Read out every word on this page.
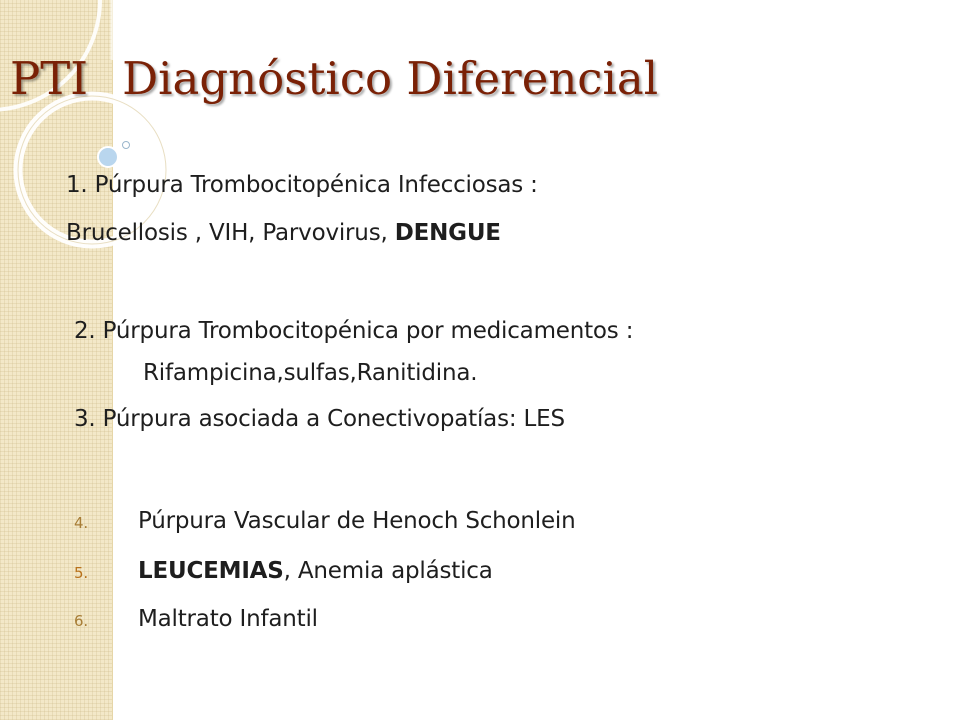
PTI Diagnóstico Diferencial
1. Púrpura Trombocitopénica Infecciosas :
Brucellosis , VIH, Parvovirus, DENGUE
2. Púrpura Trombocitopénica por medicamentos :
Rifampicina,sulfas,Ranitidina.
3. Púrpura asociada a Conectivopatías: LES
4. Púrpura Vascular de Henoch Schonlein
5. LEUCEMIAS, Anemia aplástica
6. Maltrato Infantil
